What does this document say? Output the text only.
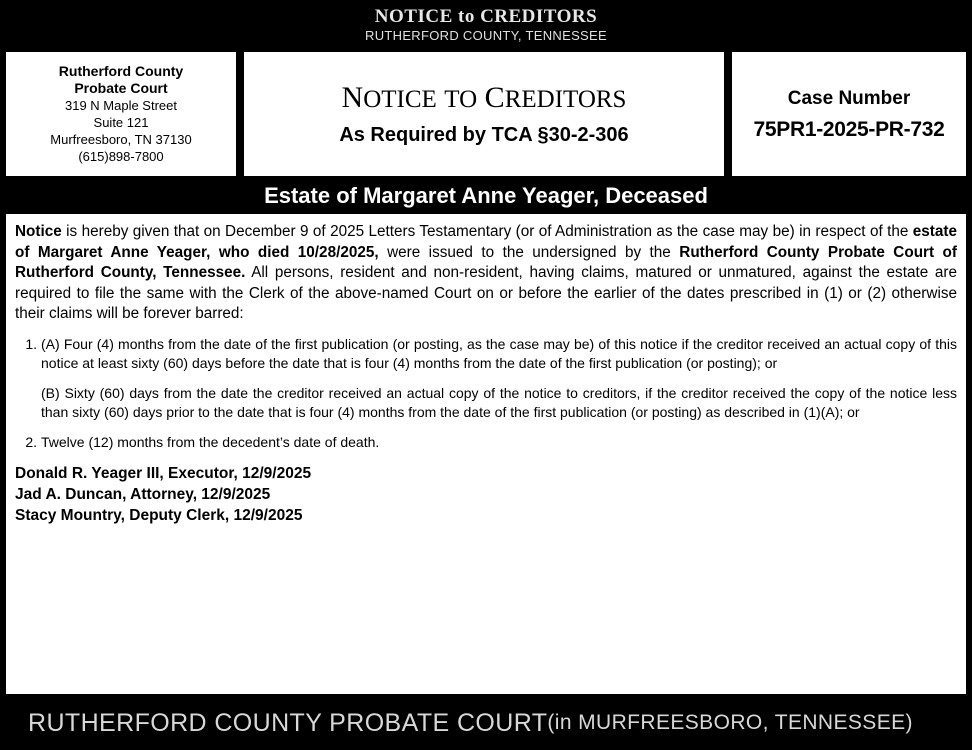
NOTICE to CREDITORS
RUTHERFORD COUNTY, TENNESSEE
Rutherford County
Probate Court
319 N Maple Street
Suite 121
Murfreesboro, TN 37130
(615)898-7800
NOTICE TO CREDITORS
As Required by TCA §30-2-306
Case Number
75PR1-2025-PR-732
Estate of Margaret Anne Yeager, Deceased

Notice is hereby given that on December 9 of 2025 Letters Testamentary (or of Administration as the case may be) in respect of the estate of Margaret Anne Yeager, who died 10/28/2025, were issued to the undersigned by the Rutherford County Probate Court of Rutherford County, Tennessee. All persons, resident and non-resident, having claims, matured or unmatured, against the estate are required to file the same with the Clerk of the above-named Court on or before the earlier of the dates prescribed in (1) or (2) otherwise their claims will be forever barred:

(A) Four (4) months from the date of the first publication (or posting, as the case may be) of this notice if the creditor received an actual copy of this notice at least sixty (60) days before the date that is four (4) months from the date of the first publication (or posting); or
(B) Sixty (60) days from the date the creditor received an actual copy of the notice to creditors, if the creditor received the copy of the notice less than sixty (60) days prior to the date that is four (4) months from the date of the first publication (or posting) as described in (1)(A); or
Twelve (12) months from the decedent’s date of death.
Donald R. Yeager III, Executor, 12/9/2025
Jad A. Duncan, Attorney, 12/9/2025
Stacy Mountry, Deputy Clerk, 12/9/2025
RUTHERFORD COUNTY PROBATE COURT (in MURFREESBORO, TENNESSEE)
